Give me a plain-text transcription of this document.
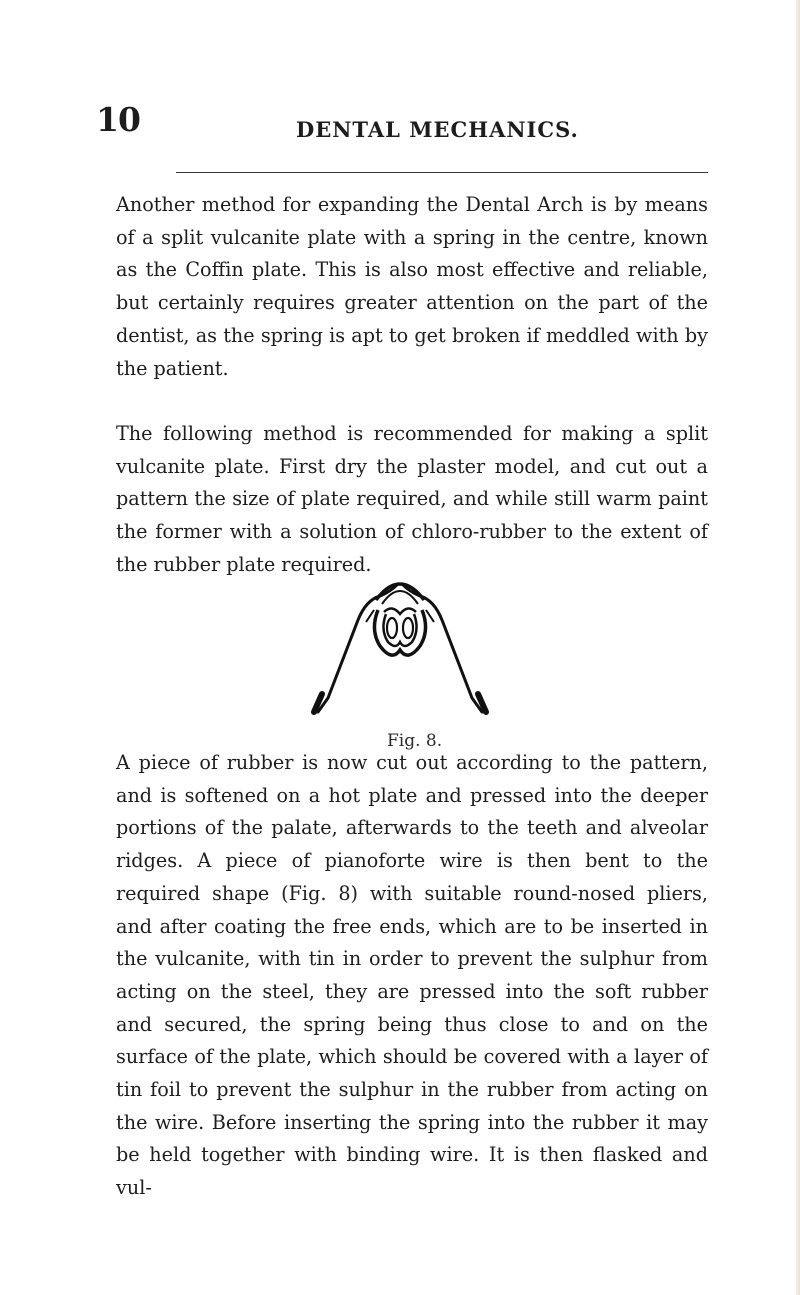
10	DENTAL MECHANICS.

Another method for expanding the Dental Arch is by means of a split vulcanite plate with a spring in the centre, known as the Coffin plate. This is also most effective and reliable, but certainly requires greater attention on the part of the dentist, as the spring is apt to get broken if meddled with by the patient.

The following method is recommended for making a split vulcanite plate. First dry the plaster model, and cut out a pattern the size of plate required, and while still warm paint the former with a solution of chloro-rubber to the extent of the rubber plate required.

Fig. 8.

A piece of rubber is now cut out according to the pattern, and is softened on a hot plate and pressed into the deeper portions of the palate, afterwards to the teeth and alveolar ridges. A piece of pianoforte wire is then bent to the required shape (Fig. 8) with suitable round-nosed pliers, and after coating the free ends, which are to be inserted in the vulcanite, with tin in order to prevent the sulphur from acting on the steel, they are pressed into the soft rubber and secured, the spring being thus close to and on the surface of the plate, which should be covered with a layer of tin foil to prevent the sulphur in the rubber from acting on the wire. Before inserting the spring into the rubber it may be held together with binding wire. It is then flasked and vul-
